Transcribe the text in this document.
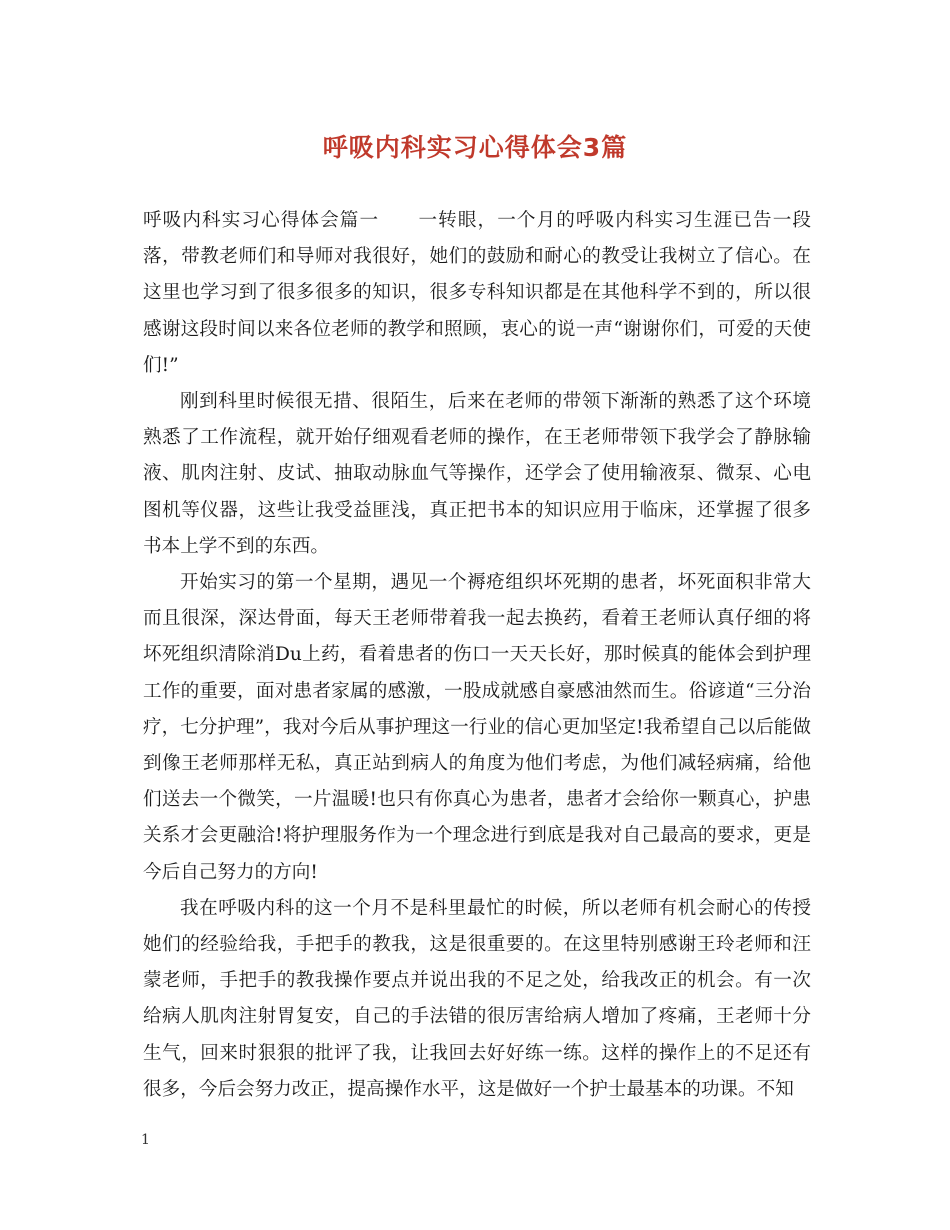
呼吸内科实习心得体会3篇

呼吸内科实习心得体会篇一　　一转眼，一个月的呼吸内科实习生涯已告一段落，带教老师们和导师对我很好，她们的鼓励和耐心的教受让我树立了信心。在这里也学习到了很多很多的知识，很多专科知识都是在其他科学不到的，所以很感谢这段时间以来各位老师的教学和照顾，衷心的说一声“谢谢你们，可爱的天使们!”

刚到科里时候很无措、很陌生，后来在老师的带领下渐渐的熟悉了这个环境熟悉了工作流程，就开始仔细观看老师的操作，在王老师带领下我学会了静脉输液、肌肉注射、皮试、抽取动脉血气等操作，还学会了使用输液泵、微泵、心电图机等仪器，这些让我受益匪浅，真正把书本的知识应用于临床，还掌握了很多书本上学不到的东西。

开始实习的第一个星期，遇见一个褥疮组织坏死期的患者，坏死面积非常大而且很深，深达骨面，每天王老师带着我一起去换药，看着王老师认真仔细的将坏死组织清除消Du上药，看着患者的伤口一天天长好，那时候真的能体会到护理工作的重要，面对患者家属的感激，一股成就感自豪感油然而生。俗谚道“三分治疗，七分护理”，我对今后从事护理这一行业的信心更加坚定!我希望自己以后能做到像王老师那样无私，真正站到病人的角度为他们考虑，为他们减轻病痛，给他们送去一个微笑，一片温暖!也只有你真心为患者，患者才会给你一颗真心，护患关系才会更融洽!将护理服务作为一个理念进行到底是我对自己最高的要求，更是今后自己努力的方向!

我在呼吸内科的这一个月不是科里最忙的时候，所以老师有机会耐心的传授她们的经验给我，手把手的教我，这是很重要的。在这里特别感谢王玲老师和汪蒙老师，手把手的教我操作要点并说出我的不足之处，给我改正的机会。有一次给病人肌肉注射胃复安，自己的手法错的很厉害给病人增加了疼痛，王老师十分生气，回来时狠狠的批评了我，让我回去好好练一练。这样的操作上的不足还有很多，今后会努力改正，提高操作水平，这是做好一个护士最基本的功课。不知

1
